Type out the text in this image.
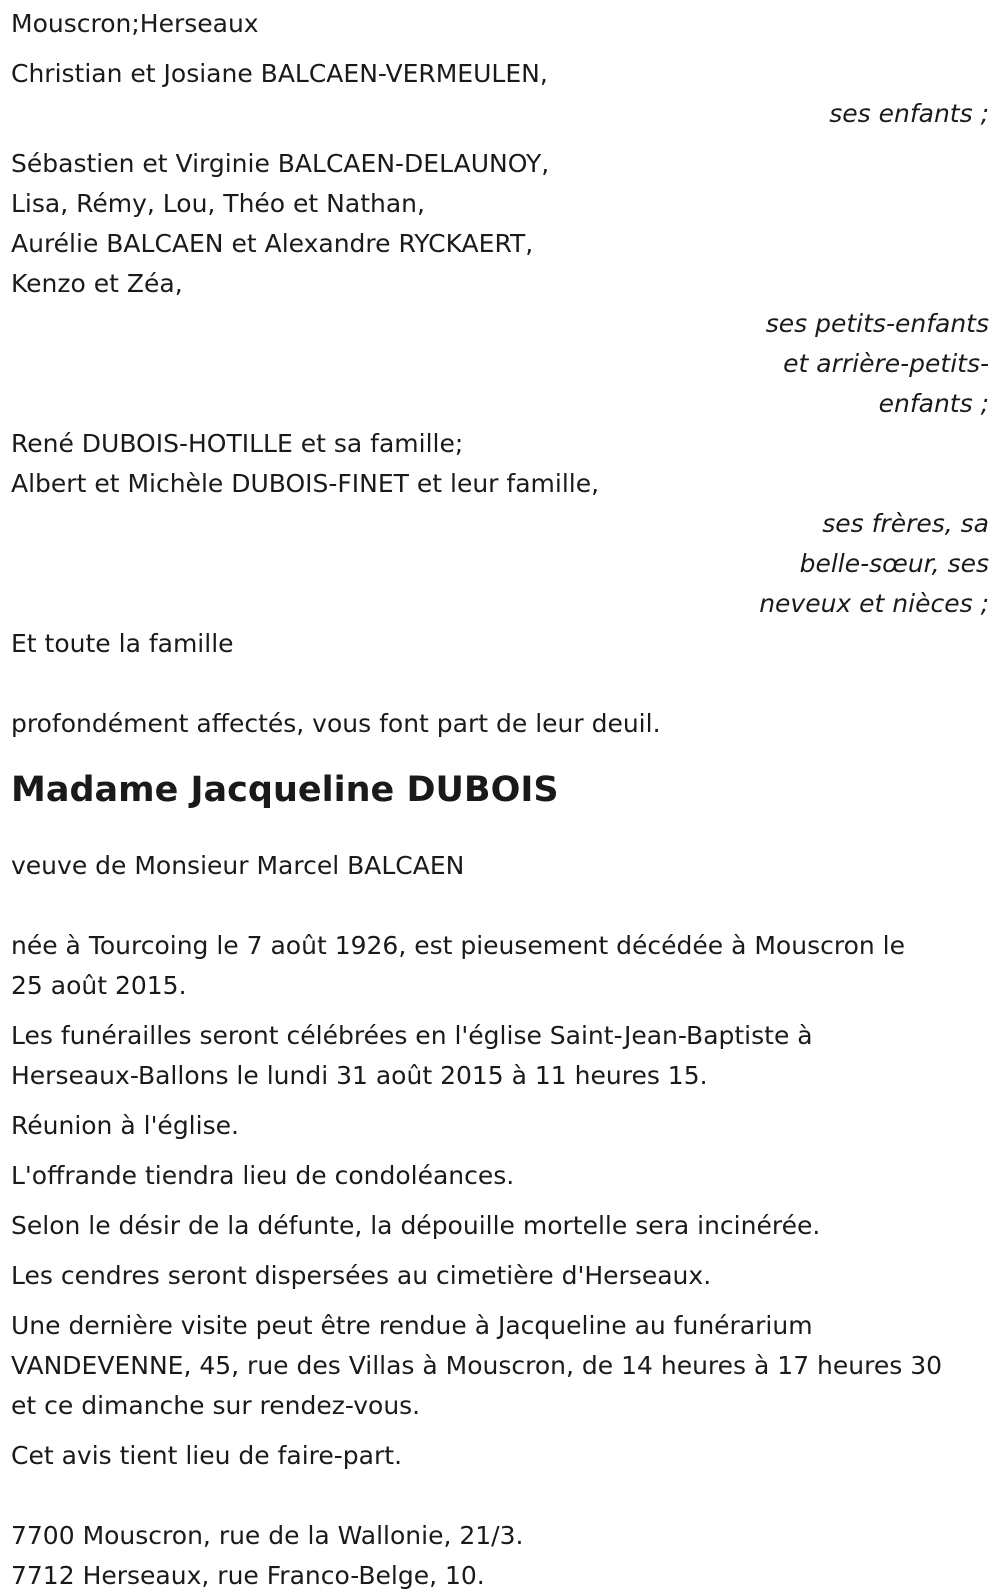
Mouscron;Herseaux
Christian et Josiane BALCAEN-VERMEULEN,
ses enfants ;
Sébastien et Virginie BALCAEN-DELAUNOY,
Lisa, Rémy, Lou, Théo et Nathan,
Aurélie BALCAEN et Alexandre RYCKAERT,
Kenzo et Zéa,
ses petits-enfants
et arrière-petits-
enfants ;
René DUBOIS-HOTILLE et sa famille;
Albert et Michèle DUBOIS-FINET et leur famille,
ses frères, sa
belle-sœur, ses
neveux et nièces ;
Et toute la famille
profondément affectés, vous font part de leur deuil.
Madame Jacqueline DUBOIS
veuve de Monsieur Marcel BALCAEN
née à Tourcoing le 7 août 1926, est pieusement décédée à Mouscron le
25 août 2015.
Les funérailles seront célébrées en l'église Saint-Jean-Baptiste à
Herseaux-Ballons le lundi 31 août 2015 à 11 heures 15.
Réunion à l'église.
L'offrande tiendra lieu de condoléances.
Selon le désir de la défunte, la dépouille mortelle sera incinérée.
Les cendres seront dispersées au cimetière d'Herseaux.
Une dernière visite peut être rendue à Jacqueline au funérarium
VANDEVENNE, 45, rue des Villas à Mouscron, de 14 heures à 17 heures 30
et ce dimanche sur rendez-vous.
Cet avis tient lieu de faire-part.
7700 Mouscron, rue de la Wallonie, 21/3.
7712 Herseaux, rue Franco-Belge, 10.
